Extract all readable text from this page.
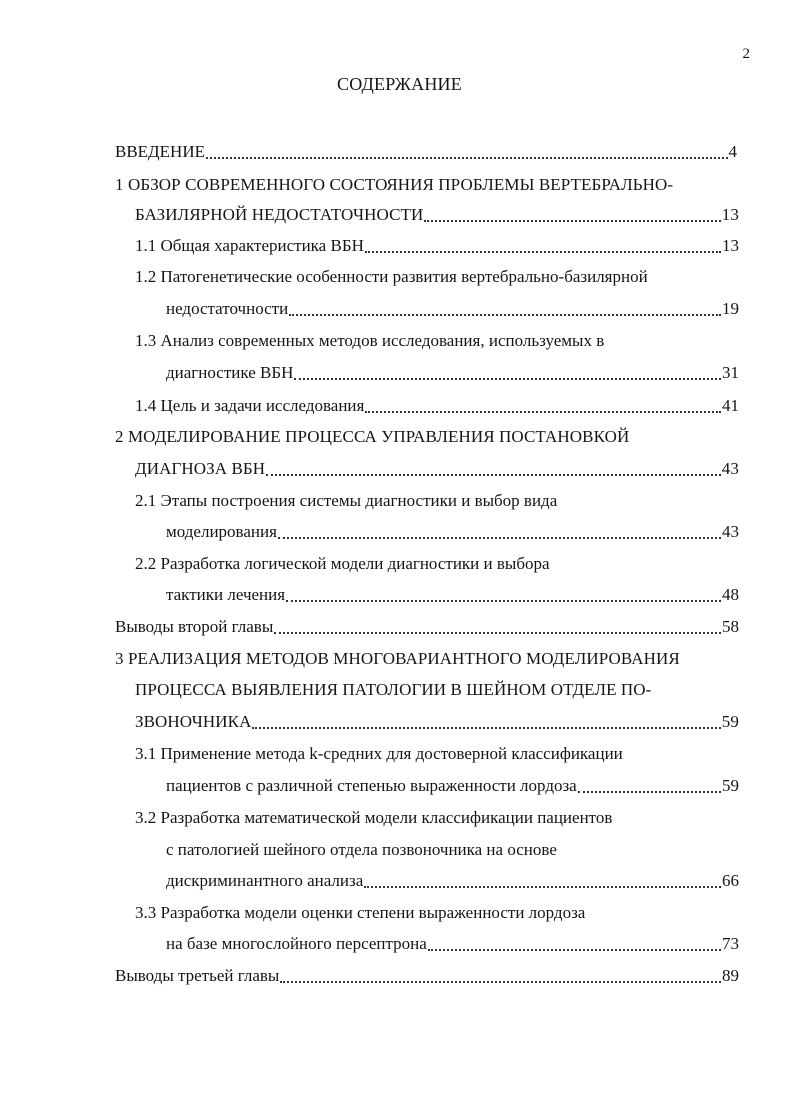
2
СОДЕРЖАНИЕ
ВВЕДЕНИЕ	4
1 ОБЗОР СОВРЕМЕННОГО СОСТОЯНИЯ ПРОБЛЕМЫ ВЕРТЕБРАЛЬНО-
БАЗИЛЯРНОЙ НЕДОСТАТОЧНОСТИ	13
1.1 Общая характеристика ВБН	13
1.2 Патогенетические особенности развития вертебрально-базилярной
недостаточности	19
1.3 Анализ современных методов исследования, используемых в
диагностике ВБН	31
1.4 Цель и задачи исследования	41
2 МОДЕЛИРОВАНИЕ ПРОЦЕССА УПРАВЛЕНИЯ ПОСТАНОВКОЙ
ДИАГНОЗА ВБН	43
2.1 Этапы построения системы диагностики и выбор вида
моделирования	43
2.2 Разработка логической модели диагностики и выбора
тактики лечения	48
Выводы второй главы	58
3 РЕАЛИЗАЦИЯ МЕТОДОВ МНОГОВАРИАНТНОГО МОДЕЛИРОВАНИЯ
ПРОЦЕССА ВЫЯВЛЕНИЯ ПАТОЛОГИИ В ШЕЙНОМ ОТДЕЛЕ ПО-
ЗВОНОЧНИКА	59
3.1 Применение метода k-средних для достоверной классификации
пациентов с различной степенью выраженности лордоза	59
3.2 Разработка математической модели классификации пациентов
с патологией шейного отдела позвоночника на основе
дискриминантного анализа	66
3.3 Разработка модели оценки степени выраженности лордоза
на базе многослойного персептрона	73
Выводы третьей главы	89
